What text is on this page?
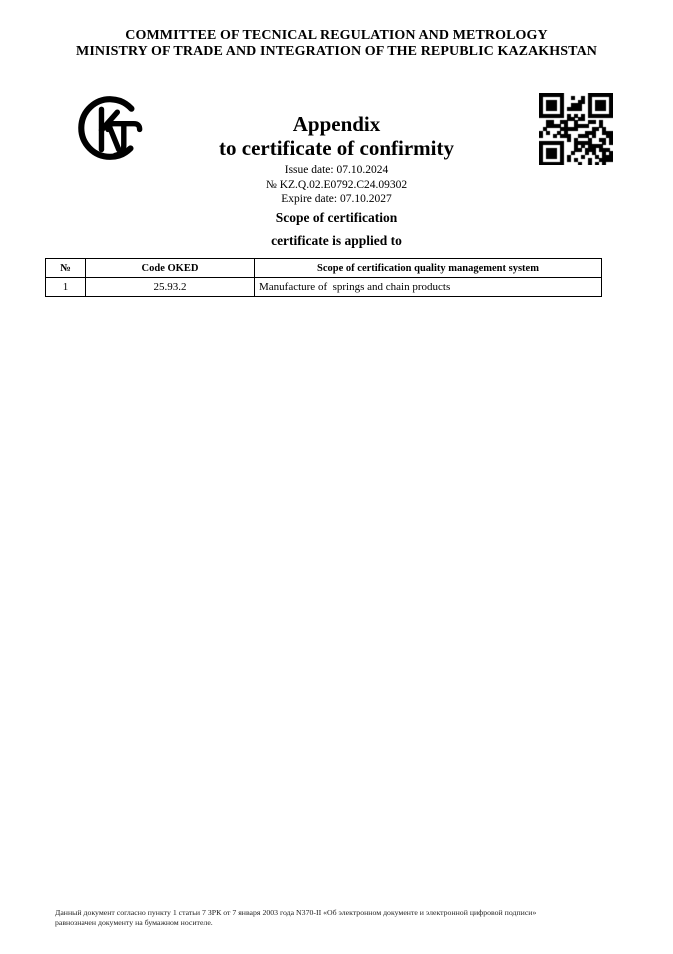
COMMITTEE OF TECNICAL REGULATION AND METROLOGY
MINISTRY OF TRADE AND INTEGRATION OF THE REPUBLIC KAZAKHSTAN
Appendix
to certificate of confirmity
Issue date: 07.10.2024
№ KZ.Q.02.E0792.C24.09302
Expire date: 07.10.2027
Scope of certification
certificate is applied to
№	Code OKED	Scope of certification quality management system
1	25.93.2	Manufacture of  springs and chain products
Данный документ согласно пункту 1 статьи 7 ЗРК от 7 января 2003 года N370-II «Об электронном документе и электронной цифровой подписи»
равнозначен документу на бумажном носителе.
